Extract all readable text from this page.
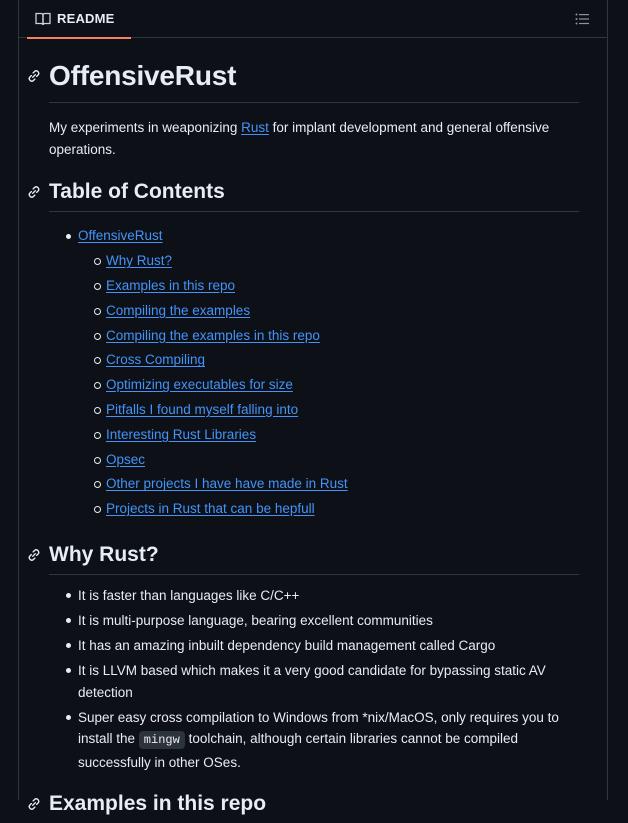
README
OffensiveRust

My experiments in weaponizing Rust for implant development and general offensive operations.

Table of Contents
OffensiveRust
Why Rust?
Examples in this repo
Compiling the examples
Compiling the examples in this repo
Cross Compiling
Optimizing executables for size
Pitfalls I found myself falling into
Interesting Rust Libraries
Opsec
Other projects I have have made in Rust
Projects in Rust that can be hepfull
Why Rust?
It is faster than languages like C/C++
It is multi-purpose language, bearing excellent communities
It has an amazing inbuilt dependency build management called Cargo
It is LLVM based which makes it a very good candidate for bypassing static AV detection
Super easy cross compilation to Windows from *nix/MacOS, only requires you to install the mingw toolchain, although certain libraries cannot be compiled successfully in other OSes.
Examples in this repo
